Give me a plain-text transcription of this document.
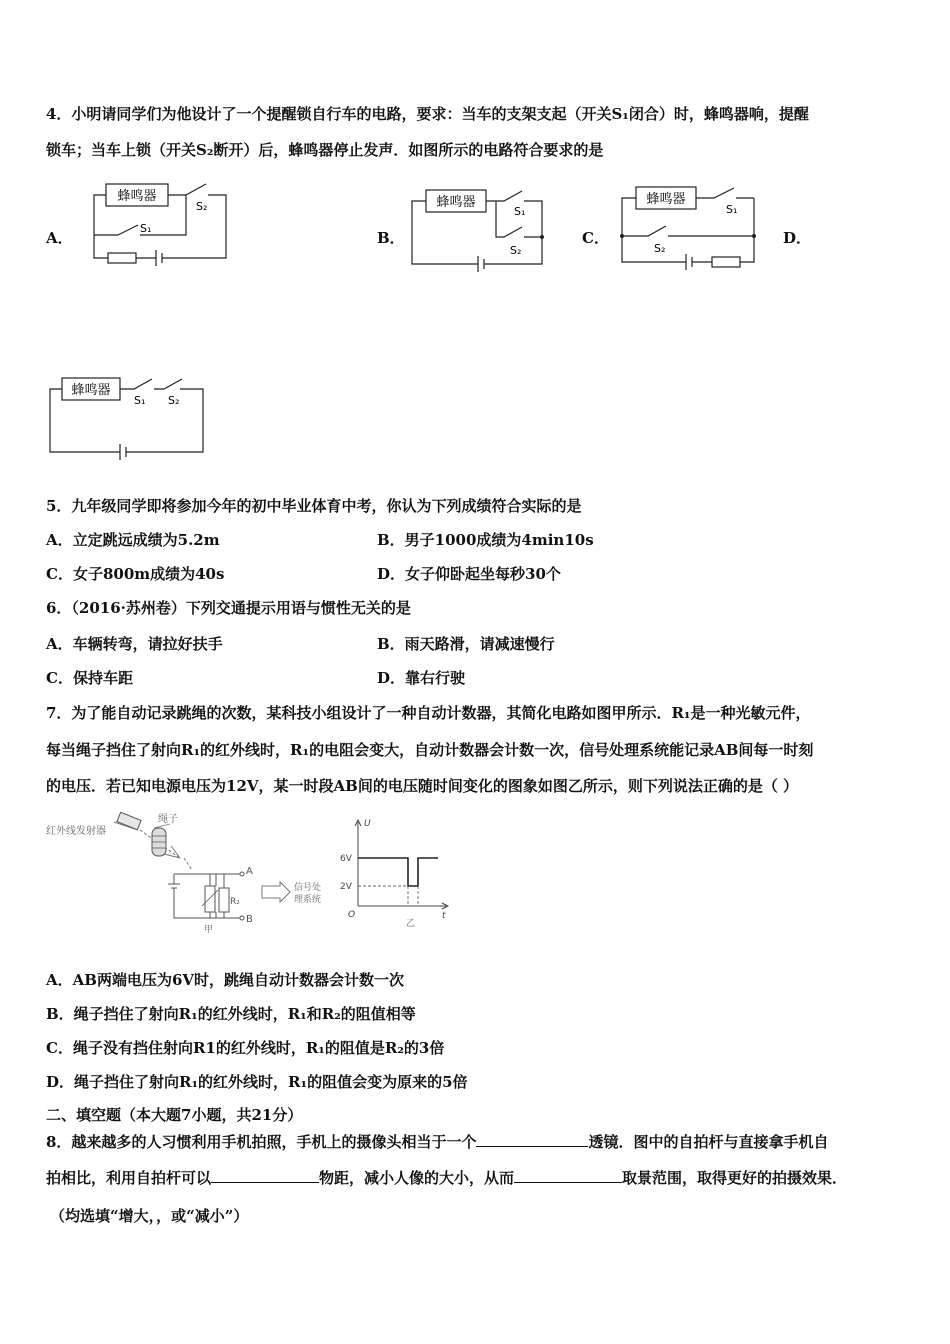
4．小明请同学们为他设计了一个提醒锁自行车的电路，要求：当车的支架支起（开关S₁闭合）时，蜂鸣器响，提醒
锁车；当车上锁（开关S₂断开）后，蜂鸣器停止发声．如图所示的电路符合要求的是
A．	B．	C．	D．
蜂鸣器
S₂
S₁
蜂鸣器
S₁
S₂
蜂鸣器
S₁
S₂
蜂鸣器
S₁ S₂
5．九年级同学即将参加今年的初中毕业体育中考，你认为下列成绩符合实际的是
A．立定跳远成绩为5.2m	B．男子1000成绩为4min10s
C．女子800m成绩为40s	D．女子仰卧起坐每秒30个
6．（2016·苏州卷）下列交通提示用语与惯性无关的是
A．车辆转弯，请拉好扶手	B．雨天路滑，请减速慢行
C．保持车距	D．靠右行驶
7．为了能自动记录跳绳的次数，某科技小组设计了一种自动计数器，其简化电路如图甲所示．R₁是一种光敏元件，
每当绳子挡住了射向R₁的红外线时，R₁的电阻会变大，自动计数器会计数一次，信号处理系统能记录AB间每一时刻
的电压．若已知电源电压为12V，某一时段AB间的电压随时间变化的图象如图乙所示，则下列说法正确的是（ ）
红外线发射器
绳子
A
B
R₂
信号处
理系统
甲
U
t
O
6V
2V
乙
A．AB两端电压为6V时，跳绳自动计数器会计数一次
B．绳子挡住了射向R₁的红外线时，R₁和R₂的阻值相等
C．绳子没有挡住射向R1的红外线时，R₁的阻值是R₂的3倍
D．绳子挡住了射向R₁的红外线时，R₁的阻值会变为原来的5倍
二、填空题（本大题7小题，共21分）
8．越来越多的人习惯利用手机拍照，手机上的摄像头相当于一个	透镜．图中的自拍杆与直接拿手机自
拍相比，利用自拍杆可以	物距，减小人像的大小，从而	取景范围，取得更好的拍摄效果．
（均选填“增大，，或“减小”）
